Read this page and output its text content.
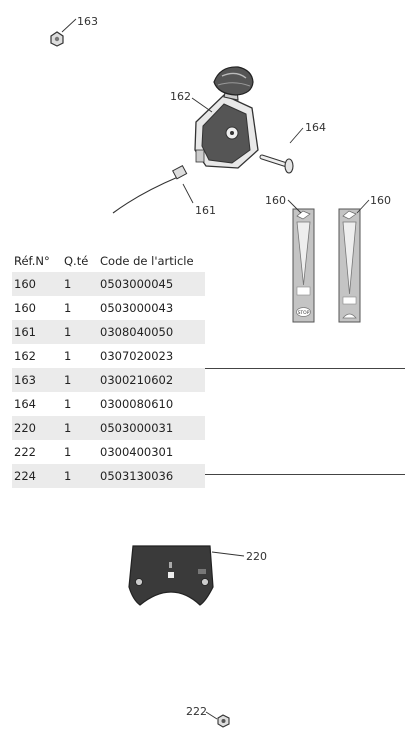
163
162
164
161
STOP
160	160
220
222
Réf.N°	Q.té	Code de l'article
160	1	0503000045
160	1	0503000043
161	1	0308040050
162	1	0307020023
163	1	0300210602
164	1	0300080610
220	1	0503000031
222	1	0300400301
224	1	0503130036
